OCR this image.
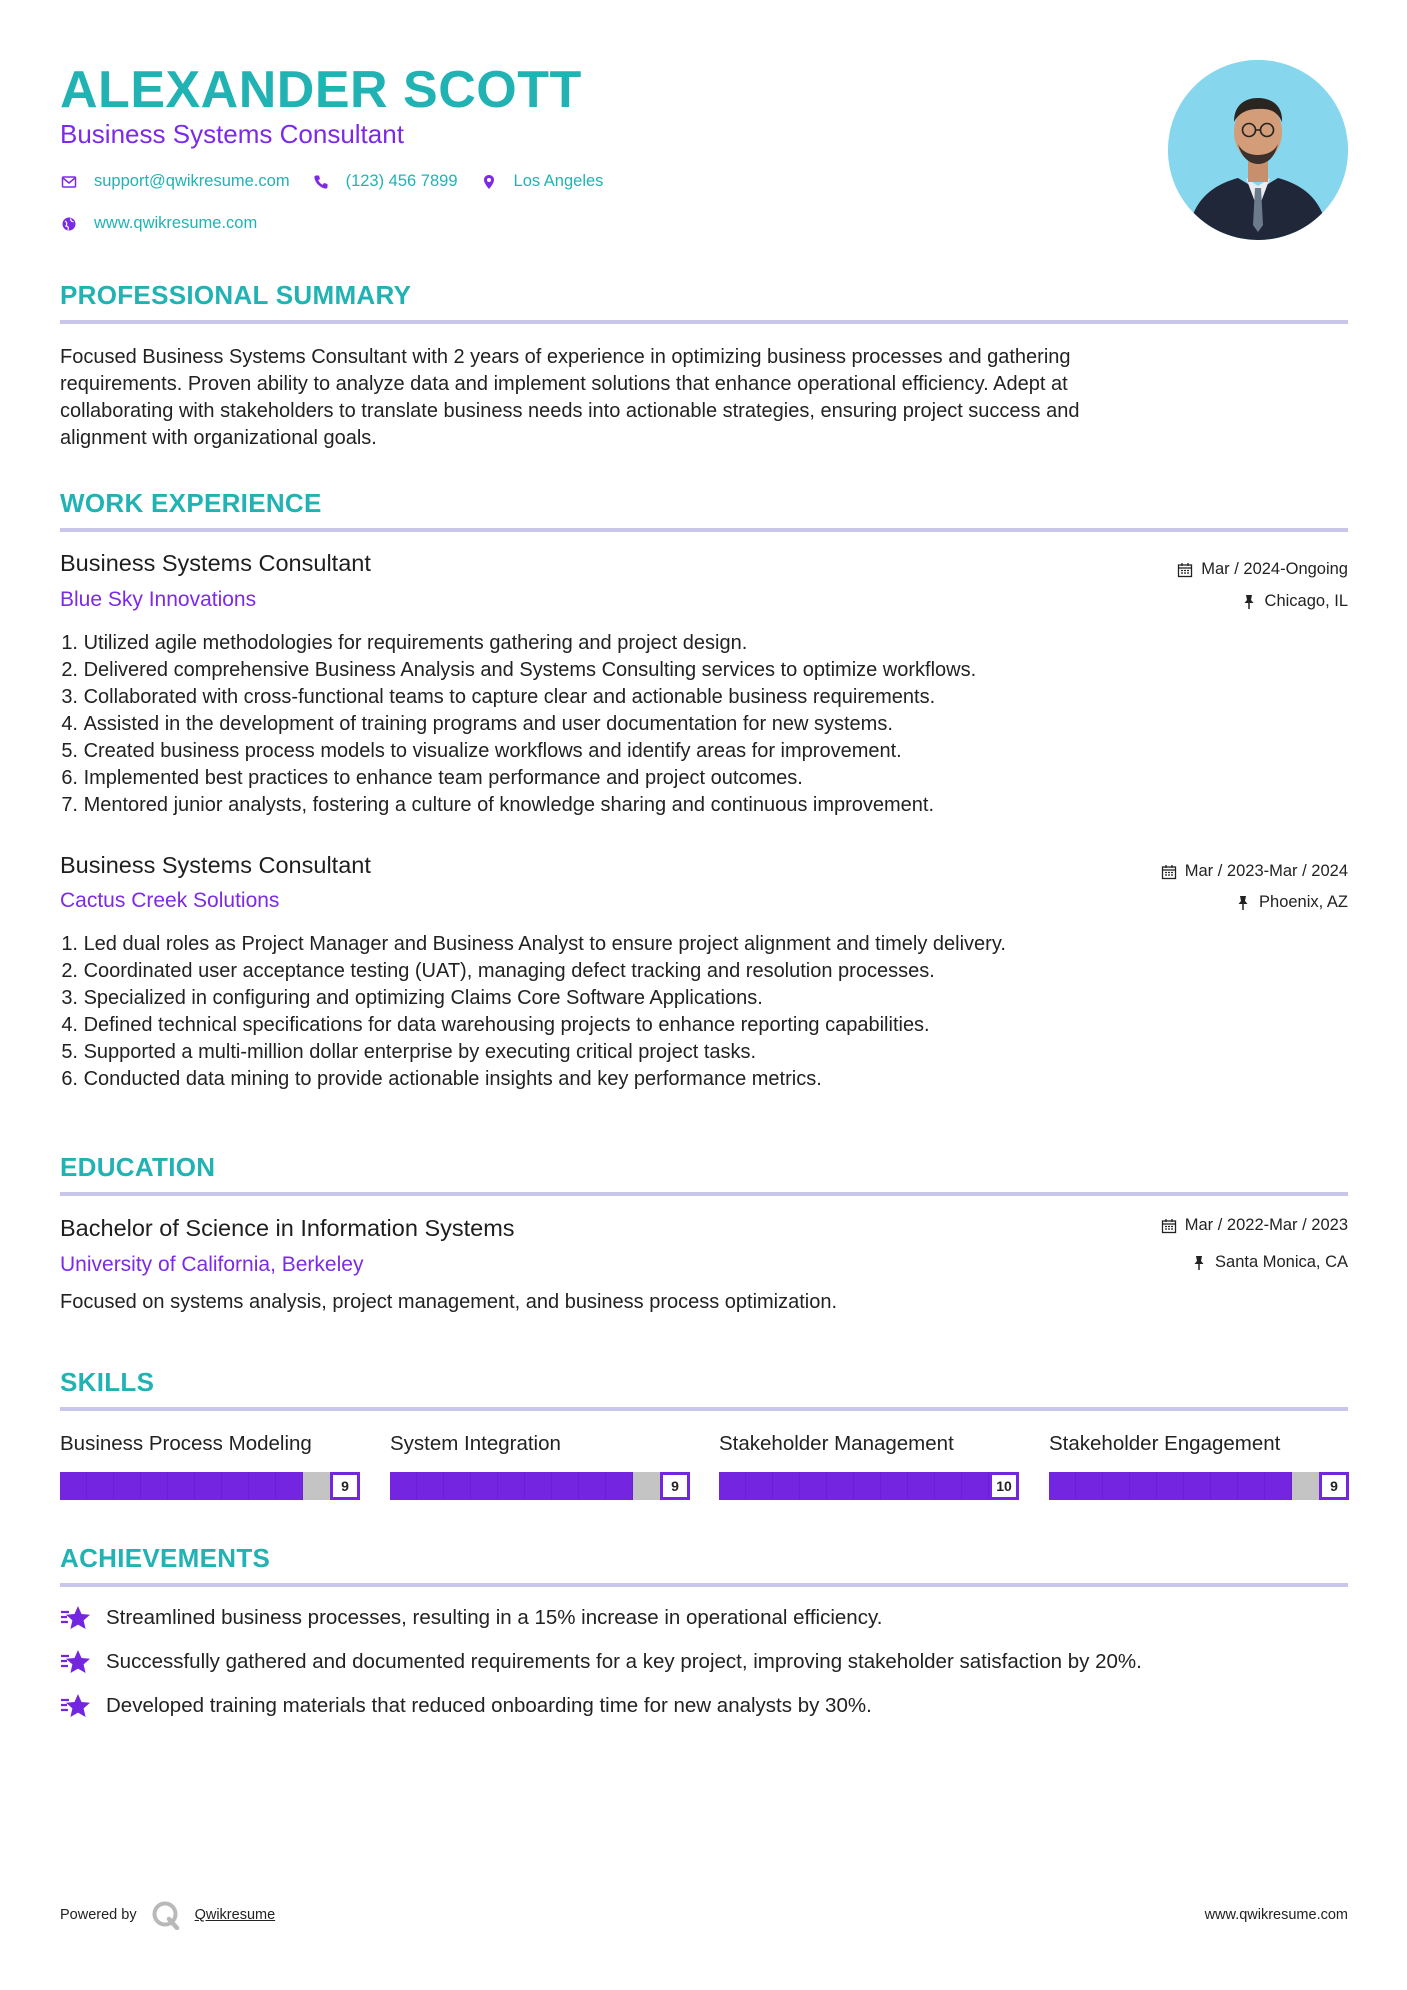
ALEXANDER SCOTT
Business Systems Consultant
support@qwikresume.com	(123) 456 7899	Los Angeles
www.qwikresume.com
PROFESSIONAL SUMMARY
Focused Business Systems Consultant with 2 years of experience in optimizing business processes and gathering
requirements. Proven ability to analyze data and implement solutions that enhance operational efficiency. Adept at
collaborating with stakeholders to translate business needs into actionable strategies, ensuring project success and
alignment with organizational goals.
WORK EXPERIENCE
Business Systems Consultant
Blue Sky Innovations
Mar / 2024-Ongoing
Chicago, IL
1.
Utilized agile methodologies for requirements gathering and project design.
2.
Delivered comprehensive Business Analysis and Systems Consulting services to optimize workflows.
3.
Collaborated with cross-functional teams to capture clear and actionable business requirements.
4.
Assisted in the development of training programs and user documentation for new systems.
5.
Created business process models to visualize workflows and identify areas for improvement.
6.
Implemented best practices to enhance team performance and project outcomes.
7.
Mentored junior analysts, fostering a culture of knowledge sharing and continuous improvement.
Business Systems Consultant
Cactus Creek Solutions
Mar / 2023-Mar / 2024
Phoenix, AZ
1.
Led dual roles as Project Manager and Business Analyst to ensure project alignment and timely delivery.
2.
Coordinated user acceptance testing (UAT), managing defect tracking and resolution processes.
3.
Specialized in configuring and optimizing Claims Core Software Applications.
4.
Defined technical specifications for data warehousing projects to enhance reporting capabilities.
5.
Supported a multi-million dollar enterprise by executing critical project tasks.
6.
Conducted data mining to provide actionable insights and key performance metrics.
EDUCATION
Bachelor of Science in Information Systems
University of California, Berkeley
Mar / 2022-Mar / 2023
Santa Monica, CA
Focused on systems analysis, project management, and business process optimization.
SKILLS
Business Process Modeling
9
System Integration
9
Stakeholder Management
10
Stakeholder Engagement
9
ACHIEVEMENTS
Streamlined business processes, resulting in a 15% increase in operational efficiency.
Successfully gathered and documented requirements for a key project, improving stakeholder satisfaction by 20%.
Developed training materials that reduced onboarding time for new analysts by 30%.
Powered by	Qwikresume	www.qwikresume.com
